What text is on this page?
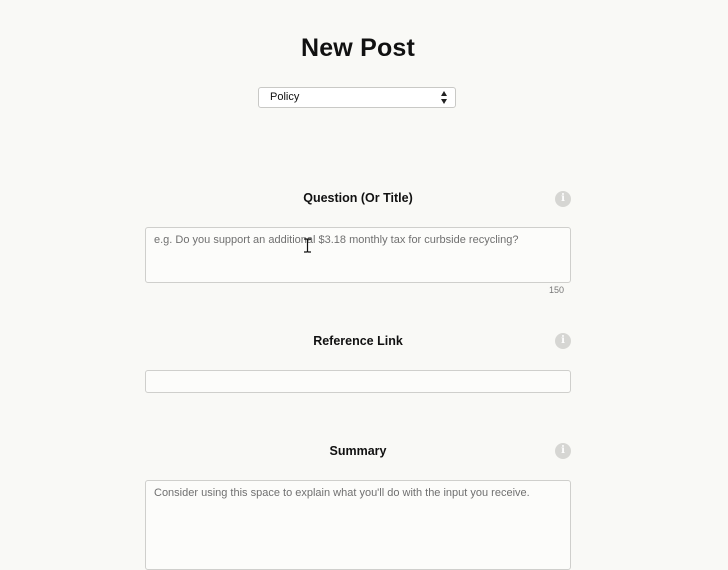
New Post
Policy
Question (Or Title)	i
e.g. Do you support an additional $3.18 monthly tax for curbside recycling?
150
Reference Link	i
Summary	i
Consider using this space to explain what you'll do with the input you receive.
